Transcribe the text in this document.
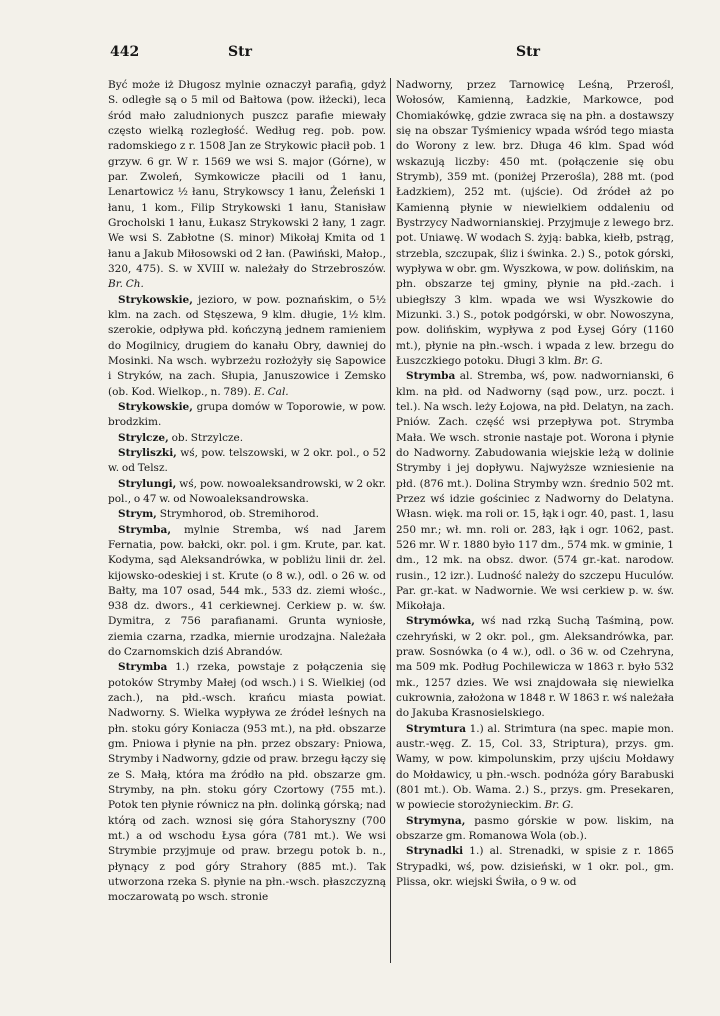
442	Str	Str

Być może iż Długosz mylnie oznaczył parafią, gdyż S. odległe są o 5 mil od Bałtowa (pow. iłżecki), leca śród mało zaludnionych puszcz parafie miewały często wielką rozległość. Według reg. pob. pow. radomskiego z r. 1508 Jan ze Strykowic płacił pob. 1 grzyw. 6 gr. W r. 1569 we wsi S. major (Górne), w par. Zwoleń, Symkowicze płacili od 1 łanu, Lenartowicz ½ łanu, Strykowscy 1 łanu, Żeleński 1 łanu, 1 kom., Filip Strykowski 1 łanu, Stanisław Grocholski 1 łanu, Łukasz Strykowski 2 łany, 1 zagr. We wsi S. Zabłotne (S. minor) Mikołaj Kmita od 1 łanu a Jakub Miłosowski od 2 łan. (Pawiński, Małop., 320, 475). S. w XVIII w. należały do Strzebroszów. Br. Ch.

Strykowskie, jezioro, w pow. poznańskim, o 5½ klm. na zach. od Stęszewa, 9 klm. długie, 1½ klm. szerokie, odpływa płd. kończyną jednem ramieniem do Mogilnicy, drugiem do kanału Obry, dawniej do Mosinki. Na wsch. wybrzeżu rozłożyły się Sapowice i Stryków, na zach. Słupia, Januszowice i Zemsko (ob. Kod. Wielkop., n. 789). E. Cal.

Strykowskie, grupa domów w Toporowie, w pow. brodzkim.

Strylcze, ob. Strzylcze.

Stryliszki, wś, pow. telszowski, w 2 okr. pol., o 52 w. od Telsz.

Strylungi, wś, pow. nowoaleksandrowski, w 2 okr. pol., o 47 w. od Nowoaleksandrowska.

Strym, Strymhorod, ob. Stremihorod.

Strymba, mylnie Stremba, wś nad Jarem Fernatia, pow. bałcki, okr. pol. i gm. Krute, par. kat. Kodyma, sąd Aleksandrówka, w pobliżu linii dr. żel. kijowsko-odeskiej i st. Krute (o 8 w.), odl. o 26 w. od Bałty, ma 107 osad, 544 mk., 533 dz. ziemi włośc., 938 dz. dwors., 41 cerkiewnej. Cerkiew p. w. św. Dymitra, z 756 parafianami. Grunta wyniosłe, ziemia czarna, rzadka, miernie urodzajna. Należała do Czarnomskich dziś Abrandów.

Strymba 1.) rzeka, powstaje z połączenia się potoków Strymby Małej (od wsch.) i S. Wielkiej (od zach.), na płd.-wsch. krańcu miasta powiat. Nadworny. S. Wielka wypływa ze źródeł leśnych na płn. stoku góry Koniacza (953 mt.), na płd. obszarze gm. Pniowa i płynie na płn. przez obszary: Pniowa, Strymby i Nadworny, gdzie od praw. brzegu łączy się ze S. Małą, która ma źródło na płd. obszarze gm. Strymby, na płn. stoku góry Czortowy (755 mt.). Potok ten płynie równicz na płn. dolinką górską; nad którą od zach. wznosi się góra Stahoryszny (700 mt.) a od wschodu Łysa góra (781 mt.). We wsi Strymbie przyjmuje od praw. brzegu potok b. n., płynący z pod góry Strahory (885 mt.). Tak utworzona rzeka S. płynie na płn.-wsch. płaszczyzną moczarowatą po wsch. stronie

Nadworny, przez Tarnowicę Leśną, Przerośl, Wołosów, Kamienną, Ładzkie, Markowce, pod Chomiakówkę, gdzie zwraca się na płn. a dostawszy się na obszar Tyśmienicy wpada wśród tego miasta do Worony z lew. brz. Długa 46 klm. Spad wód wskazują liczby: 450 mt. (połączenie się obu Strymb), 359 mt. (poniżej Przerośla), 288 mt. (pod Ładzkiem), 252 mt. (ujście). Od źródeł aż po Kamienną płynie w niewielkiem oddaleniu od Bystrzycy Nadwornianskiej. Przyjmuje z lewego brz. pot. Uniawę. W wodach S. żyją: babka, kiełb, pstrąg, strzebla, szczupak, śliz i świnka. 2.) S., potok górski, wypływa w obr. gm. Wyszkowa, w pow. dolińskim, na płn. obszarze tej gminy, płynie na płd.-zach. i ubiegłszy 3 klm. wpada we wsi Wyszkowie do Mizunki. 3.) S., potok podgórski, w obr. Nowoszyna, pow. dolińskim, wypływa z pod Łysej Góry (1160 mt.), płynie na płn.-wsch. i wpada z lew. brzegu do Łuszczkiego potoku. Długi 3 klm. Br. G.

Strymba al. Stremba, wś, pow. nadwornianski, 6 klm. na płd. od Nadworny (sąd pow., urz. poczt. i tel.). Na wsch. leży Łojowa, na płd. Delatyn, na zach. Pniów. Zach. część wsi przepływa pot. Strymba Mała. We wsch. stronie nastaje pot. Worona i płynie do Nadworny. Zabudowania wiejskie leżą w dolinie Strymby i jej dopływu. Najwyższe wzniesienie na płd. (876 mt.). Dolina Strymby wzn. średnio 502 mt. Przez wś idzie gościniec z Nadworny do Delatyna. Własn. więk. ma roli or. 15, łąk i ogr. 40, past. 1, lasu 250 mr.; wł. mn. roli or. 283, łąk i ogr. 1062, past. 526 mr. W r. 1880 było 117 dm., 574 mk. w gminie, 1 dm., 12 mk. na obsz. dwor. (574 gr.-kat. narodow. rusin., 12 izr.). Ludność należy do szczepu Huculów. Par. gr.-kat. w Nadwornie. We wsi cerkiew p. w. św. Mikołaja.

Strymówka, wś nad rzką Suchą Taśminą, pow. czehryński, w 2 okr. pol., gm. Aleksandrówka, par. praw. Sosnówka (o 4 w.), odl. o 36 w. od Czehryna, ma 509 mk. Podług Pochilewicza w 1863 r. było 532 mk., 1257 dzies. We wsi znajdowała się niewielka cukrownia, założona w 1848 r. W 1863 r. wś należała do Jakuba Krasnosielskiego.

Strymtura 1.) al. Strimtura (na spec. mapie mon. austr.-węg. Z. 15, Col. 33, Striptura), przys. gm. Wamy, w pow. kimpolunskim, przy ujściu Mołdawy do Mołdawicy, u płn.-wsch. podnóża góry Barabuski (801 mt.). Ob. Wama. 2.) S., przys. gm. Presekaren, w powiecie storożynieckim. Br. G.

Strymyna, pasmo górskie w pow. liskim, na obszarze gm. Romanowa Wola (ob.).

Strynadki 1.) al. Strenadki, w spisie z r. 1865 Strypadki, wś, pow. dzisieński, w 1 okr. pol., gm. Plissa, okr. wiejski Świła, o 9 w. od
